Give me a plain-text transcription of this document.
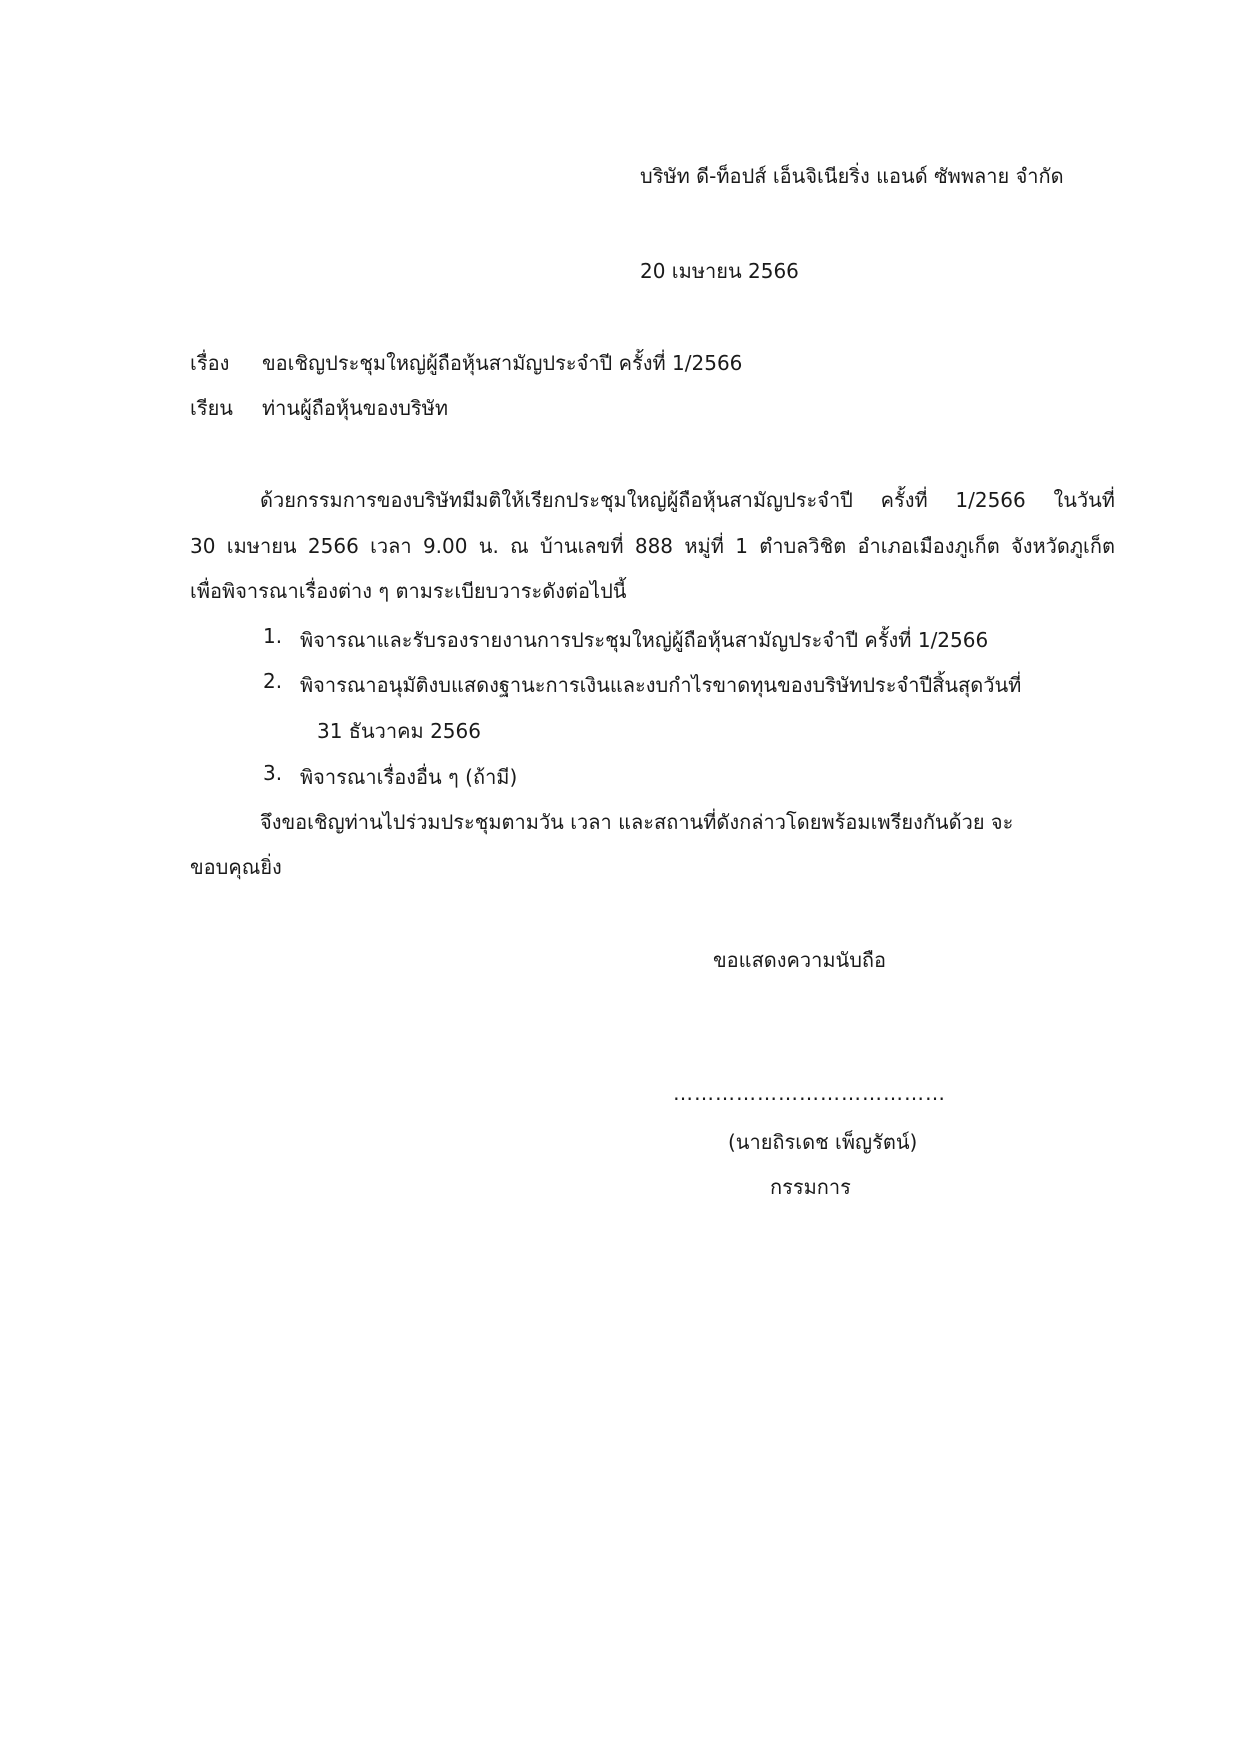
บริษัท ดี-ท็อปส์ เอ็นจิเนียริ่ง แอนด์ ซัพพลาย จำกัด
20 เมษายน 2566
เรื่อง ขอเชิญประชุมใหญ่ผู้ถือหุ้นสามัญประจำปี ครั้งที่ 1/2566
เรียน ท่านผู้ถือหุ้นของบริษัท
ด้วยกรรมการของบริษัทมีมติให้เรียกประชุมใหญ่ผู้ถือหุ้นสามัญประจำปี ครั้งที่ 1/2566 ในวันที่
30 เมษายน 2566 เวลา 9.00 น. ณ บ้านเลขที่ 888 หมู่ที่ 1 ตำบลวิชิต อำเภอเมืองภูเก็ต จังหวัดภูเก็ต
เพื่อพิจารณาเรื่องต่าง ๆ ตามระเบียบวาระดังต่อไปนี้
1. พิจารณาและรับรองรายงานการประชุมใหญ่ผู้ถือหุ้นสามัญประจำปี ครั้งที่ 1/2566
2. พิจารณาอนุมัติงบแสดงฐานะการเงินและงบกำไรขาดทุนของบริษัทประจำปีสิ้นสุดวันที่
31 ธันวาคม 2566
3. พิจารณาเรื่องอื่น ๆ (ถ้ามี)
จึงขอเชิญท่านไปร่วมประชุมตามวัน เวลา และสถานที่ดังกล่าวโดยพร้อมเพรียงกันด้วย จะ
ขอบคุณยิ่ง
ขอแสดงความนับถือ
…………………………………
(นายถิรเดช เพ็ญรัตน์)
กรรมการ
